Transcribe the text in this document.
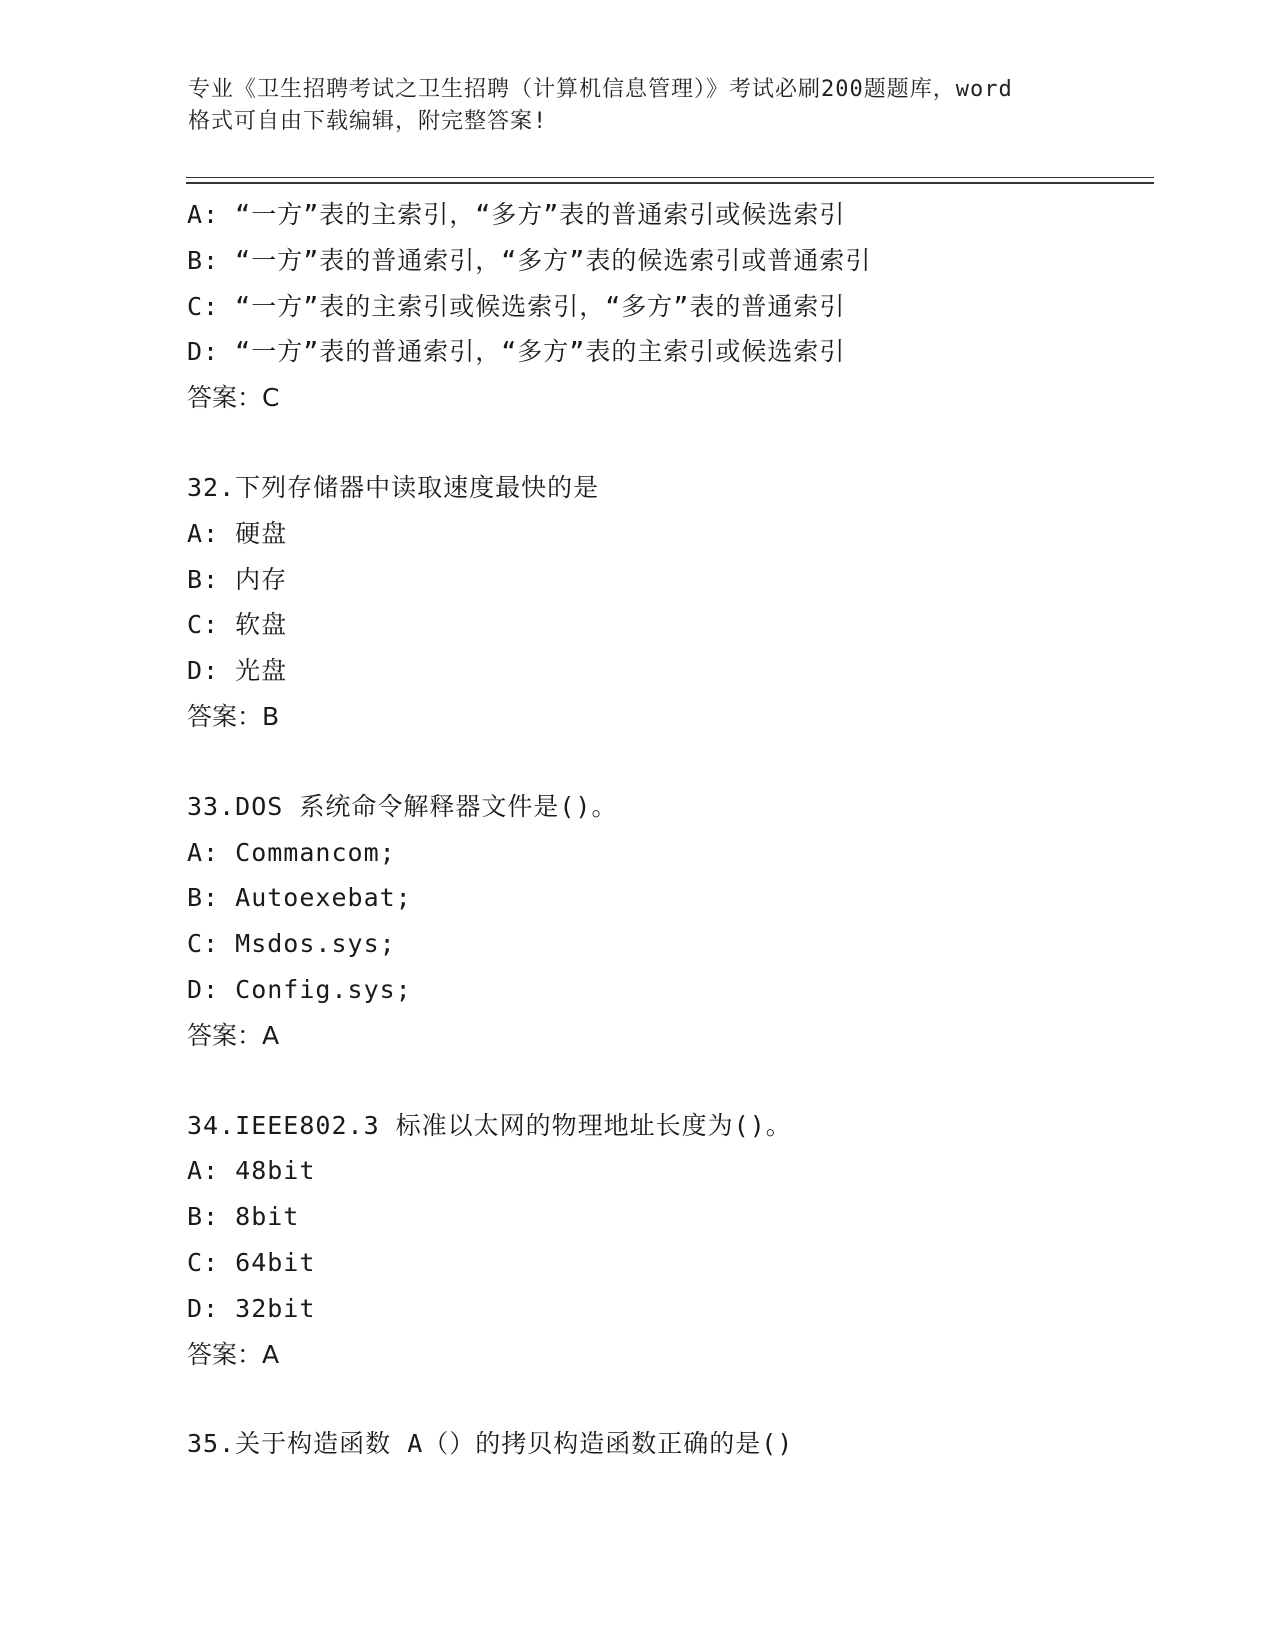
专业《卫生招聘考试之卫生招聘（计算机信息管理）》考试必刷200题题库，word
格式可自由下载编辑，附完整答案!
A: “一方”表的主索引，“多方”表的普通索引或候选索引
B: “一方”表的普通索引，“多方”表的候选索引或普通索引
C: “一方”表的主索引或候选索引，“多方”表的普通索引
D: “一方”表的普通索引，“多方”表的主索引或候选索引
答案：C
32.下列存储器中读取速度最快的是
A: 硬盘
B: 内存
C: 软盘
D: 光盘
答案：B
33.DOS 系统命令解释器文件是()。
A: Commancom;
B: Autoexebat;
C: Msdos.sys;
D: Config.sys;
答案：A
34.IEEE802.3 标准以太网的物理地址长度为()。
A: 48bit
B: 8bit
C: 64bit
D: 32bit
答案：A
35.关于构造函数 A（）的拷贝构造函数正确的是()
